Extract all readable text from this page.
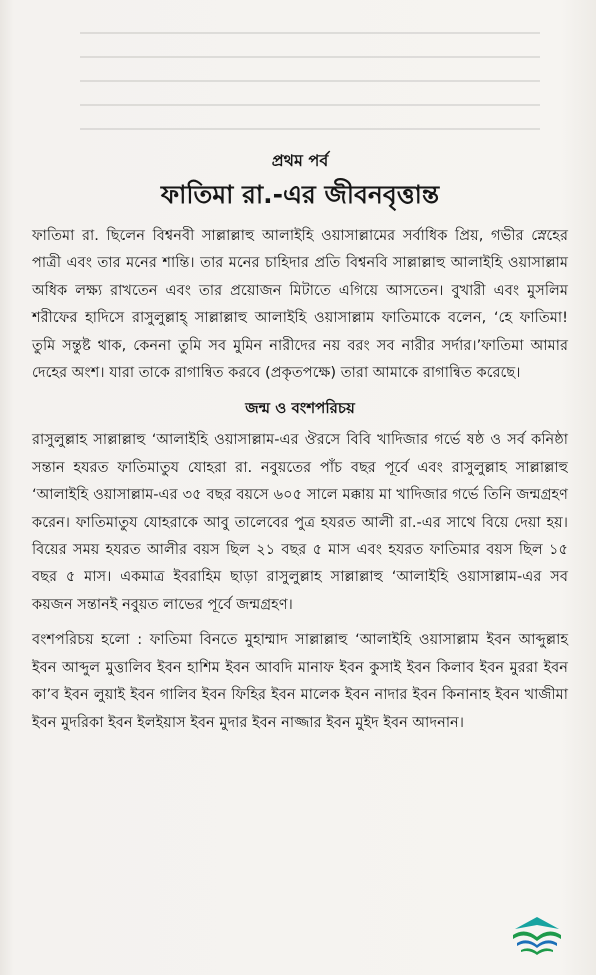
প্রথম পর্ব
ফাতিমা রা.-এর জীবনবৃত্তান্ত

ফাতিমা রা. ছিলেন বিশ্বনবী সাল্লাল্লাহু আলাইহি ওয়াসাল্লামের সর্বাধিক প্রিয়, গভীর স্নেহের পাত্রী এবং তার মনের শান্তি। তার মনের চাহিদার প্রতি বিশ্বনবি সাল্লাল্লাহু আলাইহি ওয়াসাল্লাম অধিক লক্ষ্য রাখতেন এবং তার প্রয়োজন মিটাতে এগিয়ে আসতেন। বুখারী এবং মুসলিম শরীফের হাদিসে রাসুলুল্লাহ্ সাল্লাল্লাহু আলাইহি ওয়াসাল্লাম ফাতিমাকে বলেন, ‘হে ফাতিমা! তুমি সন্তুষ্ট থাক, কেননা তুমি সব মুমিন নারীদের নয় বরং সব নারীর সর্দার।’ফাতিমা আমার দেহের অংশ। যারা তাকে রাগান্বিত করবে (প্রকৃতপক্ষে) তারা আমাকে রাগান্বিত করেছে।

জন্ম ও বংশপরিচয়

রাসুলুল্লাহ সাল্লাল্লাহু ‘আলাইহি ওয়াসাল্লাম-এর ঔরসে বিবি খাদিজার গর্ভে ষষ্ঠ ও সর্ব কনিষ্ঠা সন্তান হযরত ফাতিমাতুয যোহরা রা. নবুয়তের পাঁচ বছর পূর্বে এবং রাসুলুল্লাহ সাল্লাল্লাহু ‘আলাইহি ওয়াসাল্লাম-এর ৩৫ বছর বয়সে ৬০৫ সালে মক্কায় মা খাদিজার গর্ভে তিনি জন্মগ্রহণ করেন। ফাতিমাতুয যোহরাকে আবু তালেবের পুত্র হযরত আলী রা.-এর সাথে বিয়ে দেয়া হয়। বিয়ের সময় হযরত আলীর বয়স ছিল ২১ বছর ৫ মাস এবং হযরত ফাতিমার বয়স ছিল ১৫ বছর ৫ মাস। একমাত্র ইবরাহিম ছাড়া রাসুলুল্লাহ সাল্লাল্লাহু ‘আলাইহি ওয়াসাল্লাম-এর সব কয়জন সন্তানই নবুয়ত লাভের পূর্বে জন্মগ্রহণ।

বংশপরিচয় হলো : ফাতিমা বিনতে মুহাম্মাদ সাল্লাল্লাহু ‘আলাইহি ওয়াসাল্লাম ইবন আব্দুল্লাহ ইবন আব্দুল মুত্তালিব ইবন হাশিম ইবন আবদি মানাফ ইবন কুসাই ইবন কিলাব ইবন মুররা ইবন কা’ব ইবন লুয়াই ইবন গালিব ইবন ফিহির ইবন মালেক ইবন নাদার ইবন কিনানাহ ইবন খাজীমা ইবন মুদরিকা ইবন ইলইয়াস ইবন মুদার ইবন নাজ্জার ইবন মুইদ ইবন আদনান।
